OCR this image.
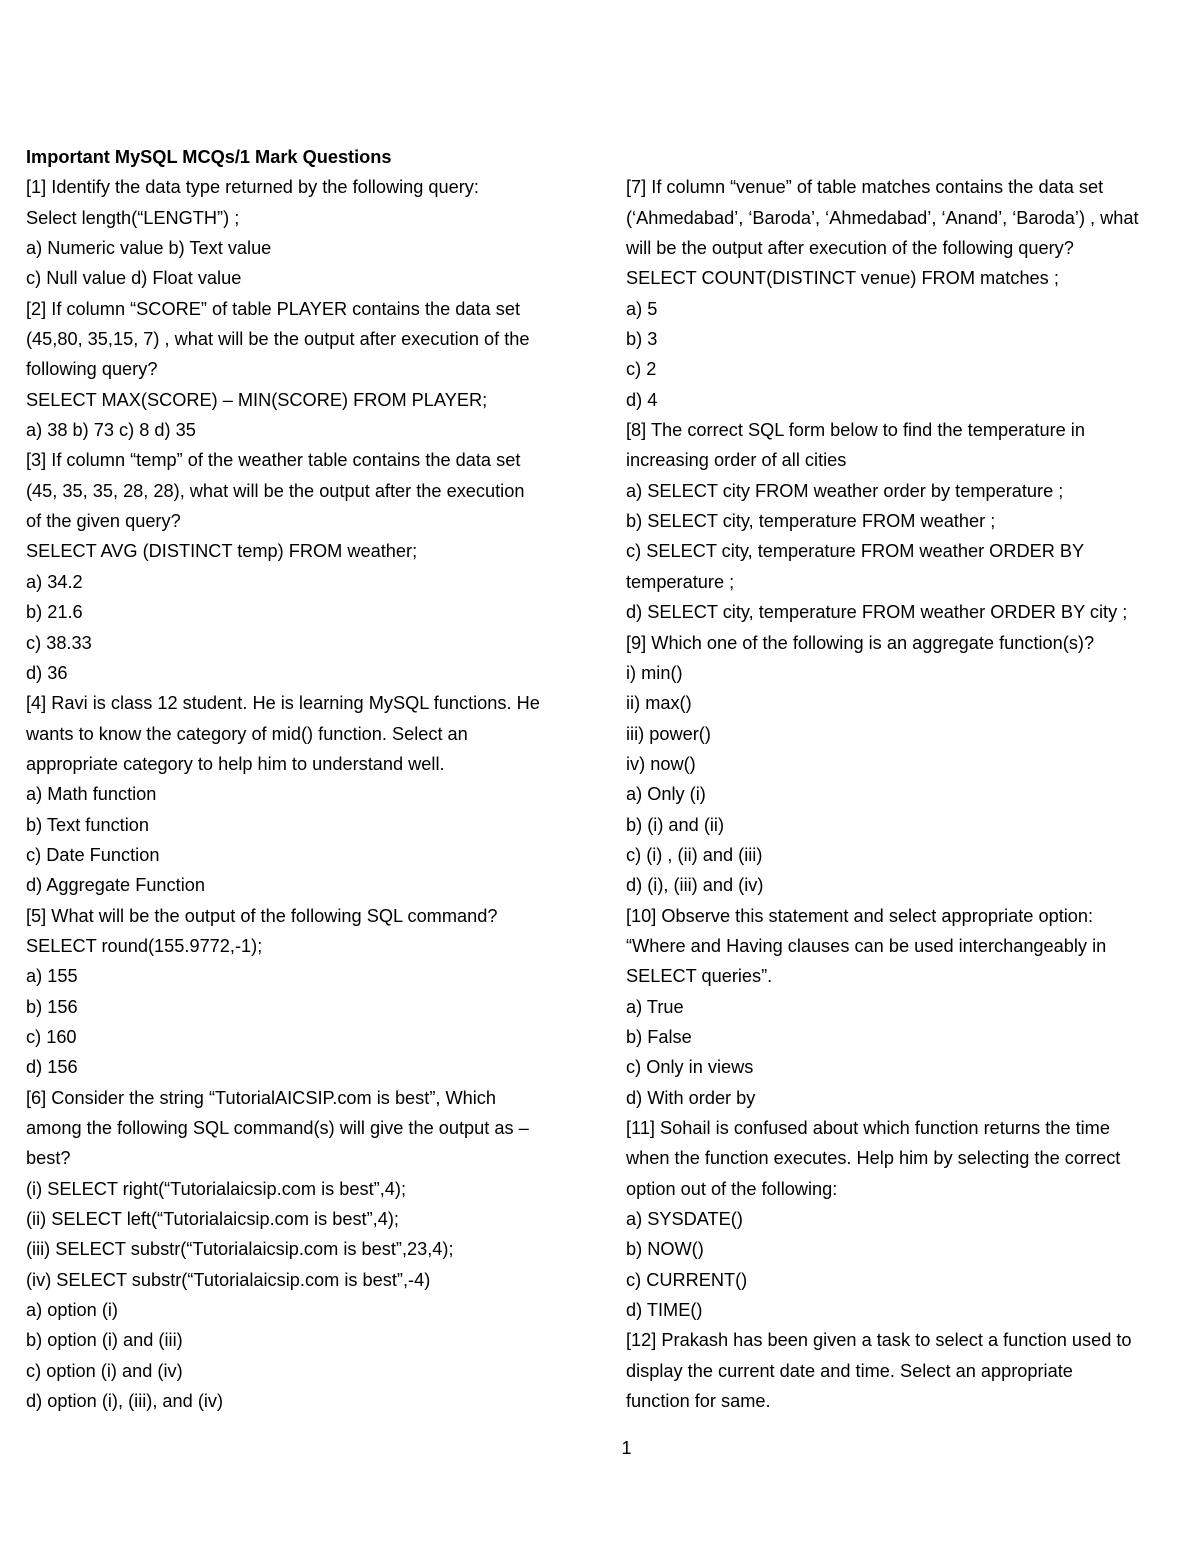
Important MySQL MCQs/1 Mark Questions
[1] Identify the data type returned by the following query:
Select length(“LENGTH”) ;
a) Numeric value b) Text value
c) Null value d) Float value
[2] If column “SCORE” of table PLAYER contains the data set
(45,80, 35,15, 7) , what will be the output after execution of the
following query?
SELECT MAX(SCORE) – MIN(SCORE) FROM PLAYER;
a) 38 b) 73 c) 8 d) 35
[3] If column “temp” of the weather table contains the data set
(45, 35, 35, 28, 28), what will be the output after the execution
of the given query?
SELECT AVG (DISTINCT temp) FROM weather;
a) 34.2
b) 21.6
c) 38.33
d) 36
[4] Ravi is class 12 student. He is learning MySQL functions. He
wants to know the category of mid() function. Select an
appropriate category to help him to understand well.
a) Math function
b) Text function
c) Date Function
d) Aggregate Function
[5] What will be the output of the following SQL command?
SELECT round(155.9772,-1);
a) 155
b) 156
c) 160
d) 156
[6] Consider the string “TutorialAICSIP.com is best”, Which
among the following SQL command(s) will give the output as –
best?
(i) SELECT right(“Tutorialaicsip.com is best”,4);
(ii) SELECT left(“Tutorialaicsip.com is best”,4);
(iii) SELECT substr(“Tutorialaicsip.com is best”,23,4);
(iv) SELECT substr(“Tutorialaicsip.com is best”,-4)
a) option (i)
b) option (i) and (iii)
c) option (i) and (iv)
d) option (i), (iii), and (iv)
[7] If column “venue” of table matches contains the data set
(‘Ahmedabad’, ‘Baroda’, ‘Ahmedabad’, ‘Anand’, ‘Baroda’) , what
will be the output after execution of the following query?
SELECT COUNT(DISTINCT venue) FROM matches ;
a) 5
b) 3
c) 2
d) 4
[8] The correct SQL form below to find the temperature in
increasing order of all cities
a) SELECT city FROM weather order by temperature ;
b) SELECT city, temperature FROM weather ;
c) SELECT city, temperature FROM weather ORDER BY
temperature ;
d) SELECT city, temperature FROM weather ORDER BY city ;
[9] Which one of the following is an aggregate function(s)?
i) min()
ii) max()
iii) power()
iv) now()
a) Only (i)
b) (i) and (ii)
c) (i) , (ii) and (iii)
d) (i), (iii) and (iv)
[10] Observe this statement and select appropriate option:
“Where and Having clauses can be used interchangeably in
SELECT queries”.
a) True
b) False
c) Only in views
d) With order by
[11] Sohail is confused about which function returns the time
when the function executes. Help him by selecting the correct
option out of the following:
a) SYSDATE()
b) NOW()
c) CURRENT()
d) TIME()
[12] Prakash has been given a task to select a function used to
display the current date and time. Select an appropriate
function for same.
1
